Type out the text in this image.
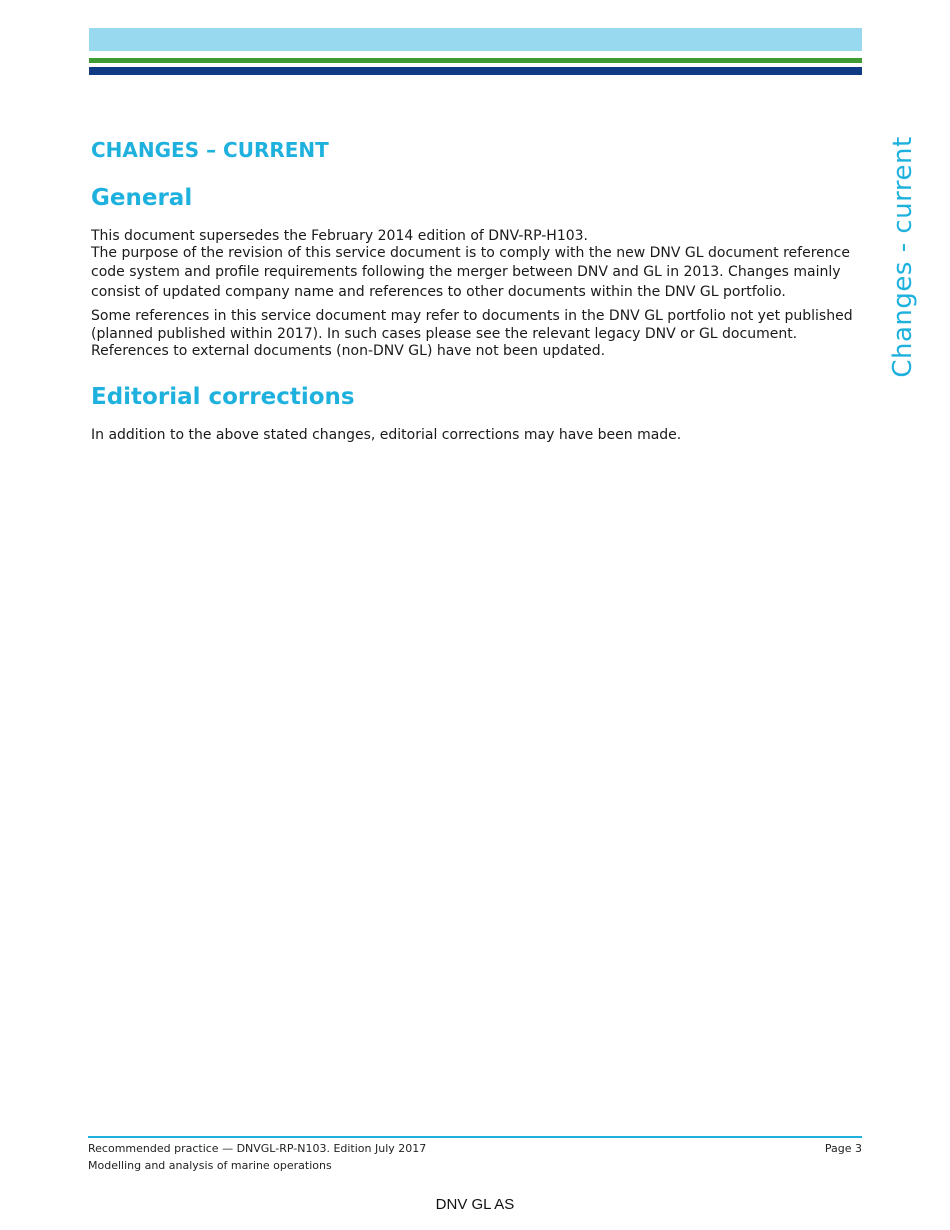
Changes - current
CHANGES – CURRENT
General

This document supersedes the February 2014 edition of DNV-RP-H103.

The purpose of the revision of this service document is to comply with the new DNV GL document reference code system and profile requirements following the merger between DNV and GL in 2013. Changes mainly consist of updated company name and references to other documents within the DNV GL portfolio.

Some references in this service document may refer to documents in the DNV GL portfolio not yet published (planned published within 2017). In such cases please see the relevant legacy DNV or GL document. References to external documents (non-DNV GL) have not been updated.

Editorial corrections

In addition to the above stated changes, editorial corrections may have been made.

Recommended practice — DNVGL-RP-N103. Edition July 2017
Modelling and analysis of marine operations
Page 3
DNV GL AS
